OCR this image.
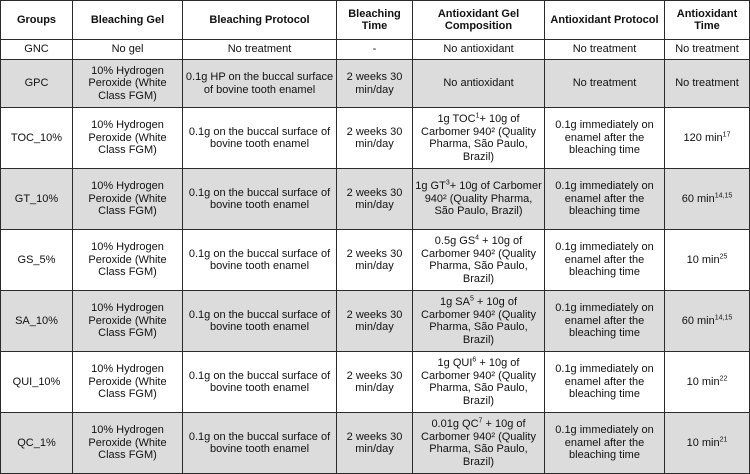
Groups	Bleaching Gel	Bleaching Protocol	Bleaching Time	Antioxidant Gel Composition	Antioxidant Protocol	Antioxidant Time
GNC	No gel	No treatment	-	No antioxidant	No treatment	No treatment
GPC	10% Hydrogen Peroxide (White Class FGM)	0.1g HP on the buccal surface of bovine tooth enamel	2 weeks 30 min/day	No antioxidant	No treatment	No treatment
TOC_10%	10% Hydrogen Peroxide (White Class FGM)	0.1g on the buccal surface of bovine tooth enamel	2 weeks 30 min/day	1g $TOC^1+ 10g$ of Carbomer 940² (Quality Pharma, São Paulo, Brazil)	0.1g immediately on enamel after the bleaching time	120 $\min^{17}$
GT_10%	10% Hydrogen Peroxide (White Class FGM)	0.1g on the buccal surface of bovine tooth enamel	2 weeks 30 min/day	1g $GT^3+ 10g$ of Carbomer 940² (Quality Pharma, São Paulo, Brazil)	0.1g immediately on enamel after the bleaching time	60 $\min^{14,15}$
GS_5%	10% Hydrogen Peroxide (White Class FGM)	0.1g on the buccal surface of bovine tooth enamel	2 weeks 30 min/day	0.5g $GS^4 + 10g$ of Carbomer 940² (Quality Pharma, São Paulo, Brazil)	0.1g immediately on enamel after the bleaching time	10 $\min^{25}$
SA_10%	10% Hydrogen Peroxide (White Class FGM)	0.1g on the buccal surface of bovine tooth enamel	2 weeks 30 min/day	1g $SA^5 + 10g$ of Carbomer 940² (Quality Pharma, São Paulo, Brazil)	0.1g immediately on enamel after the bleaching time	60 $\min^{14,15}$
QUI_10%	10% Hydrogen Peroxide (White Class FGM)	0.1g on the buccal surface of bovine tooth enamel	2 weeks 30 min/day	1g $QUI^6 + 10g$ of Carbomer 940² (Quality Pharma, São Paulo, Brazil)	0.1g immediately on enamel after the bleaching time	10 $\min^{22}$
QC_1%	10% Hydrogen Peroxide (White Class FGM)	0.1g on the buccal surface of bovine tooth enamel	2 weeks 30 min/day	0.01g $QC^7 + 10g$ of Carbomer 940² (Quality Pharma, São Paulo, Brazil)	0.1g immediately on enamel after the bleaching time	10 $\min^{21}$
